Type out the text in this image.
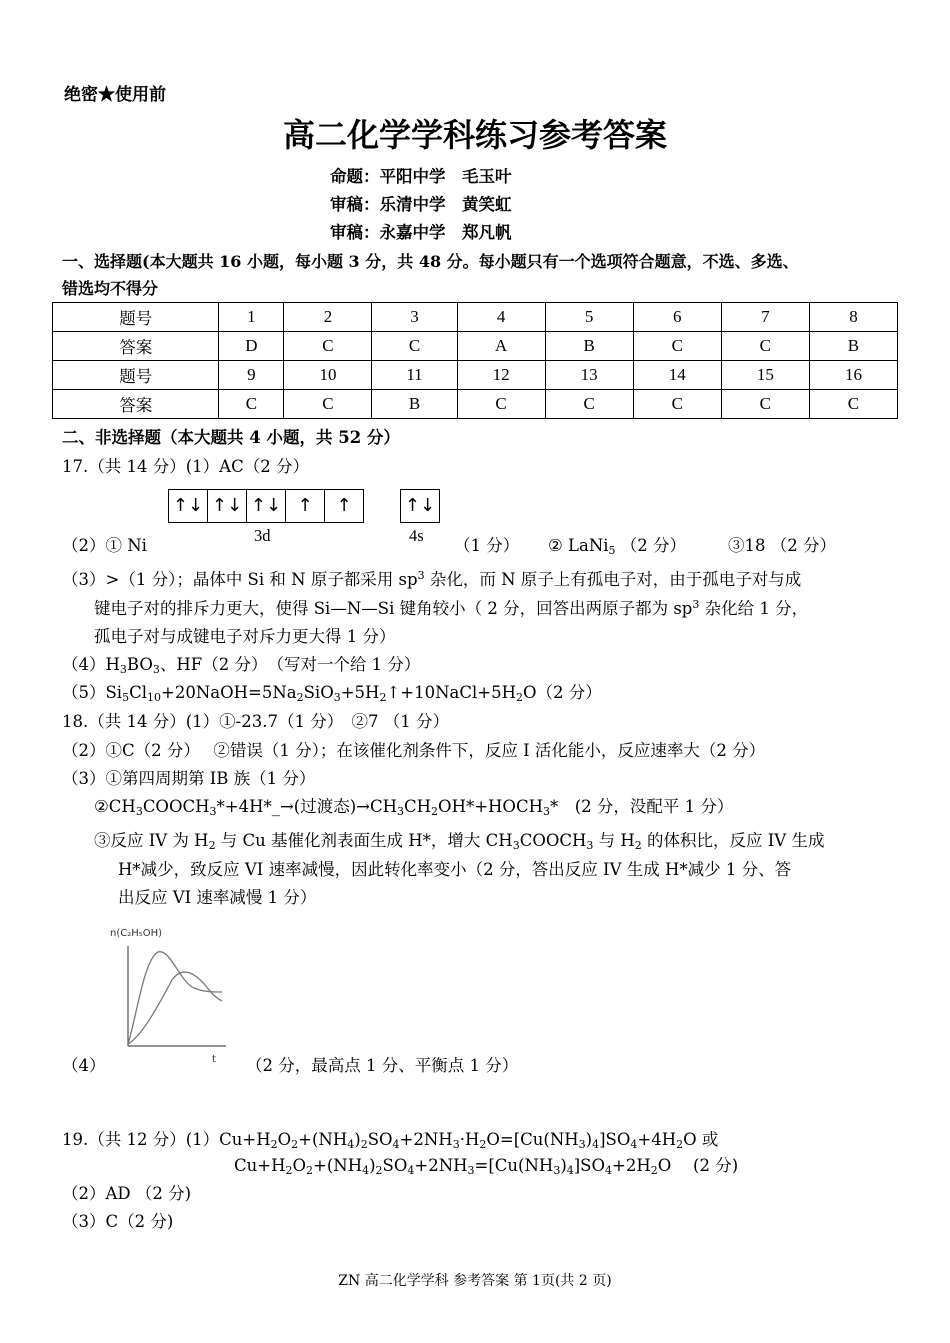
绝密★使用前
高二化学学科练习参考答案
命题：平阳中学　毛玉叶
审稿：乐清中学　黄笑虹
审稿：永嘉中学　郑凡帆
一、选择题(本大题共 16 小题，每小题 3 分，共 48 分。每小题只有一个选项符合题意，不选、多选、
错选均不得分
题号	1	2	3	4	5	6	7	8
答案	D	C	C	A	B	C	C	B
题号	9	10	11	12	13	14	15	16
答案	C	C	B	C	C	C	C	C
二、非选择题（本大题共 4 小题，共 52 分）
17.（共 14 分）(1）AC（2 分）
↑↓ ↑↓ ↑↓ ↑	↑	↑↓
3d	4s
（2）① Ni	（1 分） ② LaNi$_5$ （2 分）	③18 （2 分）
（3）>（1 分）；晶体中 Si 和 N 原子都采用 $sp^3$ 杂化，而 N 原子上有孤电子对，由于孤电子对与成
键电子对的排斥力更大，使得 Si—N—Si 键角较小（ 2 分，回答出两原子都为 $sp^3$ 杂化给 1 分，
孤电子对与成键电子对斥力更大得 1 分）
$(4)H_3BO_3$、HF（2 分）　（写对一个给 1 分）
$(5)Si_5Cl_{10}+20NaOH=5Na_2SiO_3+5H_2↑+10NaCl+5H_2O(2$ 分）
18.（共 14 分）(1）①-23.7（1 分）　②7 （1 分）
（2）①C（2 分）　 ②错误（1 分）；在该催化剂条件下，反应 I 活化能小，反应速率大（2 分）
（3）①第四周期第 IB 族（1 分）
$②CH_3COOCH_3*+4H*\_\to$(过渡态)$\to CH_3CH_2OH*+HOCH_3*$　(2 分，没配平 1 分）
③反应 IV 为 $H_2$ 与 Cu 基催化剂表面生成 H*，增大 $CH_3COOCH_3$ 与 $H_2$ 的体积比，反应 IV 生成
H*减少，致反应 VI 速率减慢，因此转化率变小（2 分，答出反应 IV 生成 H*减少 1 分、答
出反应 VI 速率减慢 1 分）
n(C₂H₅OH)
t
（4）	（2 分，最高点 1 分、平衡点 1 分）
19.（共 12 分）$(1)Cu+H_2O_2+(NH_4)_2SO_4+2NH_3\cdot H_2O=[Cu(NH_3)_4]SO_4+4H_2O$ 或
$Cu+H_2O_2+(NH_4)_2SO_4+2NH_3=[Cu(NH_3)_4]SO_4+2H_2O$　 (2 分)
（2）AD （2 分)
（3）C（2 分)
ZN 高二化学学科 参考答案 第 1页(共 2 页)
